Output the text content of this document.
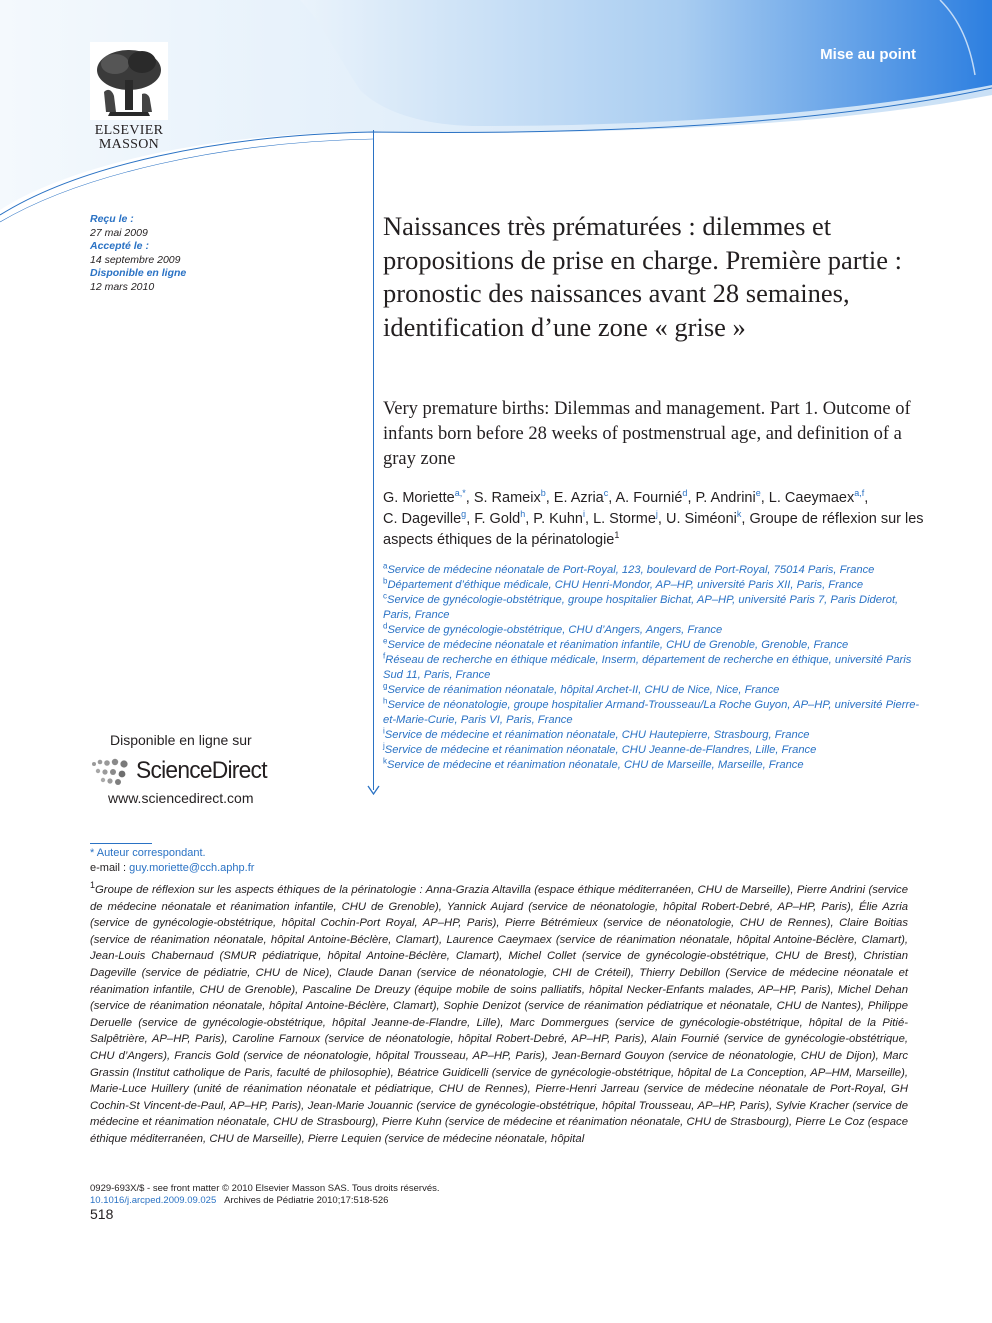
Mise au point
ELSEVIER
MASSON
Reçu le :
27 mai 2009
Accepté le :
14 septembre 2009
Disponible en ligne
12 mars 2010
Naissances très prématurées : dilemmes et propositions de prise en charge. Première partie : pronostic des naissances avant 28 semaines, identification d’une zone « grise »
Very premature births: Dilemmas and management. Part 1. Outcome of infants born before 28 weeks of postmenstrual age, and definition of a gray zone
G. Moriette$^{a,*}$, S. Rameix$^b$, E. Azria$^c$, A. Fournié$^d$, P. Andrini$^e$, L. Caeymaex$^{a,f}$, C. Dageville$^g$, F. Gold$^h$, P. Kuhn$^i$, L. Storme$^j$, U. Siméoni$^k$, Groupe de réflexion sur les aspects éthiques de la périnatologie$^1$
$^a$Service de médecine néonatale de Port-Royal, 123, boulevard de Port-Royal, 75014 Paris, France
$^b$Département d’éthique médicale, CHU Henri-Mondor, AP–HP, université Paris XII, Paris, France
$^c$Service de gynécologie-obstétrique, groupe hospitalier Bichat, AP–HP, université Paris 7, Paris Diderot, Paris, France
$^d$Service de gynécologie-obstétrique, CHU d’Angers, Angers, France
$^e$Service de médecine néonatale et réanimation infantile, CHU de Grenoble, Grenoble, France
$^f$Réseau de recherche en éthique médicale, Inserm, département de recherche en éthique, université Paris Sud 11, Paris, France
$^g$Service de réanimation néonatale, hôpital Archet-II, CHU de Nice, Nice, France
$^h$Service de néonatologie, groupe hospitalier Armand-Trousseau/La Roche Guyon, AP–HP, université Pierre-et-Marie-Curie, Paris VI, Paris, France
$^i$Service de médecine et réanimation néonatale, CHU Hautepierre, Strasbourg, France
$^j$Service de médecine et réanimation néonatale, CHU Jeanne-de-Flandres, Lille, France
$^k$Service de médecine et réanimation néonatale, CHU de Marseille, Marseille, France
Disponible en ligne sur
ScienceDirect
www.sciencedirect.com
* Auteur correspondant.
e-mail : guy.moriette@cch.aphp.fr
$^1$Groupe de réflexion sur les aspects éthiques de la périnatologie : Anna-Grazia Altavilla (espace éthique méditerranéen, CHU de Marseille), Pierre Andrini (service de médecine néonatale et réanimation infantile, CHU de Grenoble), Yannick Aujard (service de néonatologie, hôpital Robert-Debré, AP–HP, Paris), Élie Azria (service de gynécologie-obstétrique, hôpital Cochin-Port Royal, AP–HP, Paris), Pierre Bétrémieux (service de néonatologie, CHU de Rennes), Claire Boitias (service de réanimation néonatale, hôpital Antoine-Béclère, Clamart), Laurence Caeymaex (service de réanimation néonatale, hôpital Antoine-Béclère, Clamart), Jean-Louis Chabernaud (SMUR pédiatrique, hôpital Antoine-Béclère, Clamart), Michel Collet (service de gynécologie-obstétrique, CHU de Brest), Christian Dageville (service de pédiatrie, CHU de Nice), Claude Danan (service de néonatologie, CHI de Créteil), Thierry Debillon (Service de médecine néonatale et réanimation infantile, CHU de Grenoble), Pascaline De Dreuzy (équipe mobile de soins palliatifs, hôpital Necker-Enfants malades, AP–HP, Paris), Michel Dehan (service de réanimation néonatale, hôpital Antoine-Béclère, Clamart), Sophie Denizot (service de réanimation pédiatrique et néonatale, CHU de Nantes), Philippe Deruelle (service de gynécologie-obstétrique, hôpital Jeanne-de-Flandre, Lille), Marc Dommergues (service de gynécologie-obstétrique, hôpital de la Pitié-Salpêtrière, AP–HP, Paris), Caroline Farnoux (service de néonatologie, hôpital Robert-Debré, AP–HP, Paris), Alain Fournié (service de gynécologie-obstétrique, CHU d’Angers), Francis Gold (service de néonatologie, hôpital Trousseau, AP–HP, Paris), Jean-Bernard Gouyon (service de néonatologie, CHU de Dijon), Marc Grassin (Institut catholique de Paris, faculté de philosophie), Béatrice Guidicelli (service de gynécologie-obstétrique, hôpital de La Conception, AP–HM, Marseille), Marie-Luce Huillery (unité de réanimation néonatale et pédiatrique, CHU de Rennes), Pierre-Henri Jarreau (service de médecine néonatale de Port-Royal, GH Cochin-St Vincent-de-Paul, AP–HP, Paris), Jean-Marie Jouannic (service de gynécologie-obstétrique, hôpital Trousseau, AP–HP, Paris), Sylvie Kracher (service de médecine et réanimation néonatale, CHU de Strasbourg), Pierre Kuhn (service de médecine et réanimation néonatale, CHU de Strasbourg), Pierre Le Coz (espace éthique méditerranéen, CHU de Marseille), Pierre Lequien (service de médecine néonatale, hôpital
0929-693X/$ - see front matter © 2010 Elsevier Masson SAS. Tous droits réservés.
10.1016/j.arcped.2009.09.025 Archives de Pédiatrie 2010;17:518-526
518
